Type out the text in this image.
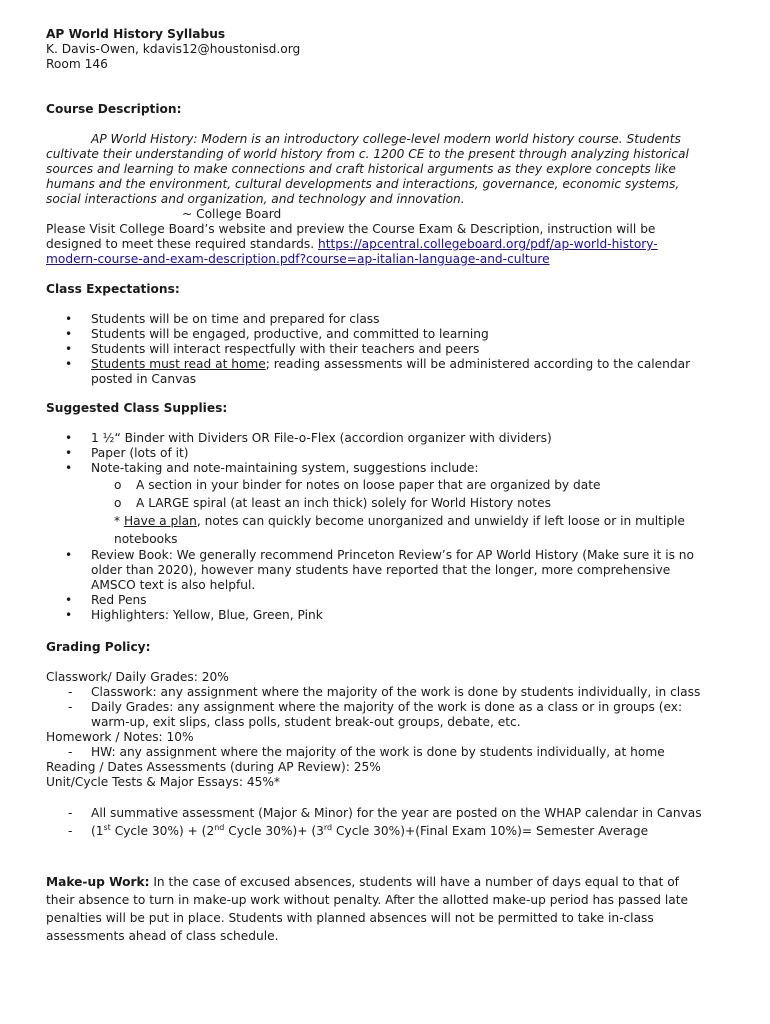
AP World History Syllabus
K. Davis-Owen, kdavis12@houstonisd.org
Room 146
Course Description:
AP World History: Modern is an introductory college-level modern world history course. Students
cultivate their understanding of world history from c. 1200 CE to the present through analyzing historical
sources and learning to make connections and craft historical arguments as they explore concepts like
humans and the environment, cultural developments and interactions, governance, economic systems,
social interactions and organization, and technology and innovation.
~ College Board
Please Visit College Board’s website and preview the Course Exam & Description, instruction will be
designed to meet these required standards. https://apcentral.collegeboard.org/pdf/ap-world-history-
modern-course-and-exam-description.pdf?course=ap-italian-language-and-culture
Class Expectations:
• Students will be on time and prepared for class
• Students will be engaged, productive, and committed to learning
• Students will interact respectfully with their teachers and peers
• Students must read at home; reading assessments will be administered according to the calendar
posted in Canvas
Suggested Class Supplies:
• 1 ½“ Binder with Dividers OR File-o-Flex (accordion organizer with dividers)
• Paper (lots of it)
• Note-taking and note-maintaining system, suggestions include:
o A section in your binder for notes on loose paper that are organized by date
o A LARGE spiral (at least an inch thick) solely for World History notes
* Have a plan, notes can quickly become unorganized and unwieldy if left loose or in multiple
notebooks
• Review Book: We generally recommend Princeton Review’s for AP World History (Make sure it is no
older than 2020), however many students have reported that the longer, more comprehensive
AMSCO text is also helpful.
• Red Pens
• Highlighters: Yellow, Blue, Green, Pink
Grading Policy:
Classwork/ Daily Grades: 20%
- Classwork: any assignment where the majority of the work is done by students individually, in class
- Daily Grades: any assignment where the majority of the work is done as a class or in groups (ex:
warm-up, exit slips, class polls, student break-out groups, debate, etc.
Homework / Notes: 10%
- HW: any assignment where the majority of the work is done by students individually, at home
Reading / Dates Assessments (during AP Review): 25%
Unit/Cycle Tests & Major Essays: 45%*
- All summative assessment (Major & Minor) for the year are posted on the WHAP calendar in Canvas
- (1st Cycle 30%) + (2nd Cycle 30%)+ (3rd Cycle 30%)+(Final Exam 10%)= Semester Average
Make-up Work: In the case of excused absences, students will have a number of days equal to that of
their absence to turn in make-up work without penalty. After the allotted make-up period has passed late
penalties will be put in place. Students with planned absences will not be permitted to take in-class
assessments ahead of class schedule.
